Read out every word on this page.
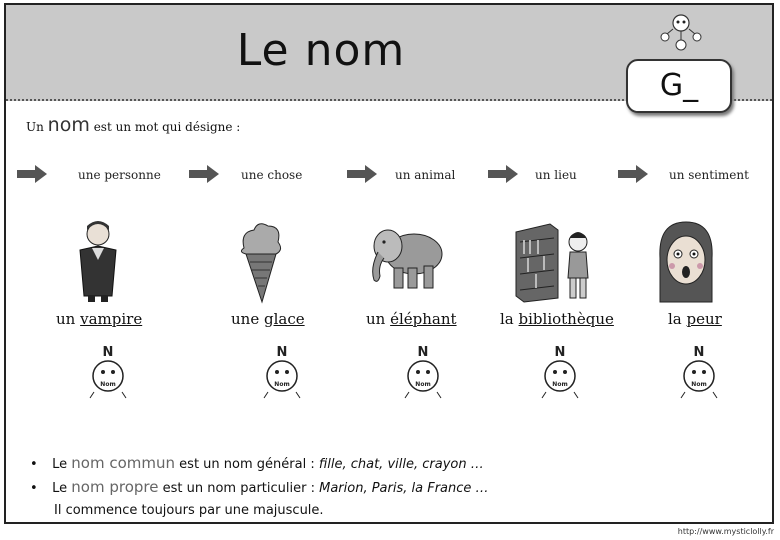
Le nom
G_
Un nom est un mot qui désigne :
une personne	une chose	un animal	un lieu	un sentiment
un vampire	une glace	un éléphant	la bibliothèque	la peur
N
Nom
N
Nom
N
Nom
N
Nom
N
Nom
• Le nom commun est un nom général : fille, chat, ville, crayon …
• Le nom propre est un nom particulier : Marion, Paris, la France …
Il commence toujours par une majuscule.
http://www.mysticlolly.fr
